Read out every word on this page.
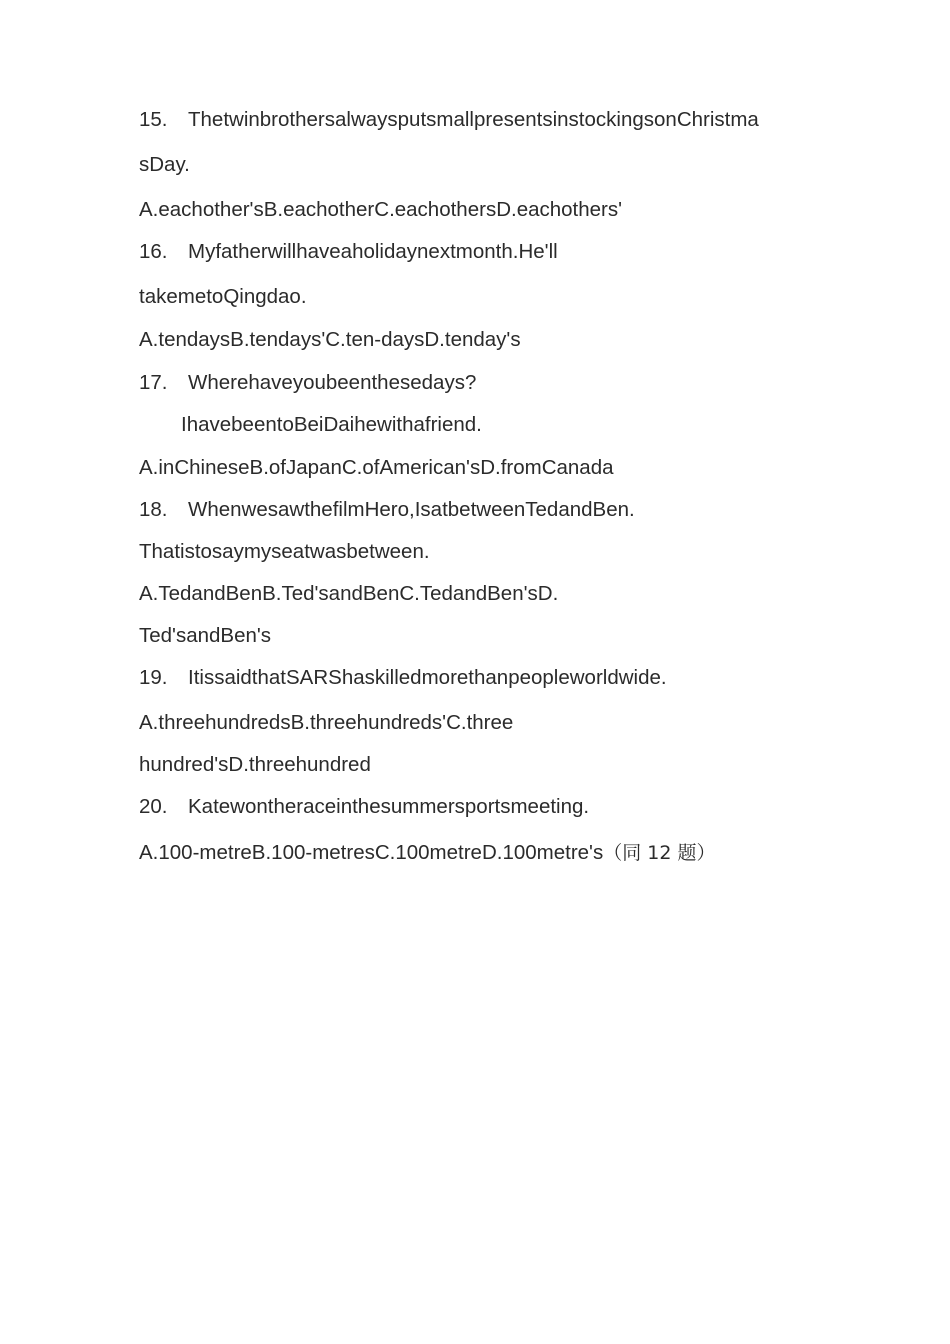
15. ThetwinbrothersalwaysputsmallpresentsinstockingsonChristma
sDay.
A.eachother'sB.eachotherC.eachothersD.eachothers'
16. Myfatherwillhaveaholidaynextmonth.He'll
takemetoQingdao.
A.tendaysB.tendays'C.ten-daysD.tenday's
17. Wherehaveyoubeenthesedays?
IhavebeentoBeiDaihewithafriend.
A.inChineseB.ofJapanC.ofAmerican'sD.fromCanada
18. WhenwesawthefilmHero,IsatbetweenTedandBen.
Thatistosaymyseatwasbetween.
A.TedandBenB.Ted'sandBenC.TedandBen'sD.
Ted'sandBen's
19. ItissaidthatSARShaskilledmorethanpeopleworldwide.
A.threehundredsB.threehundreds'C.three
hundred'sD.threehundred
20. Katewontheraceinthesummersportsmeeting.
A.100-metreB.100-metresC.100metreD.100metre's（同 12 题）
